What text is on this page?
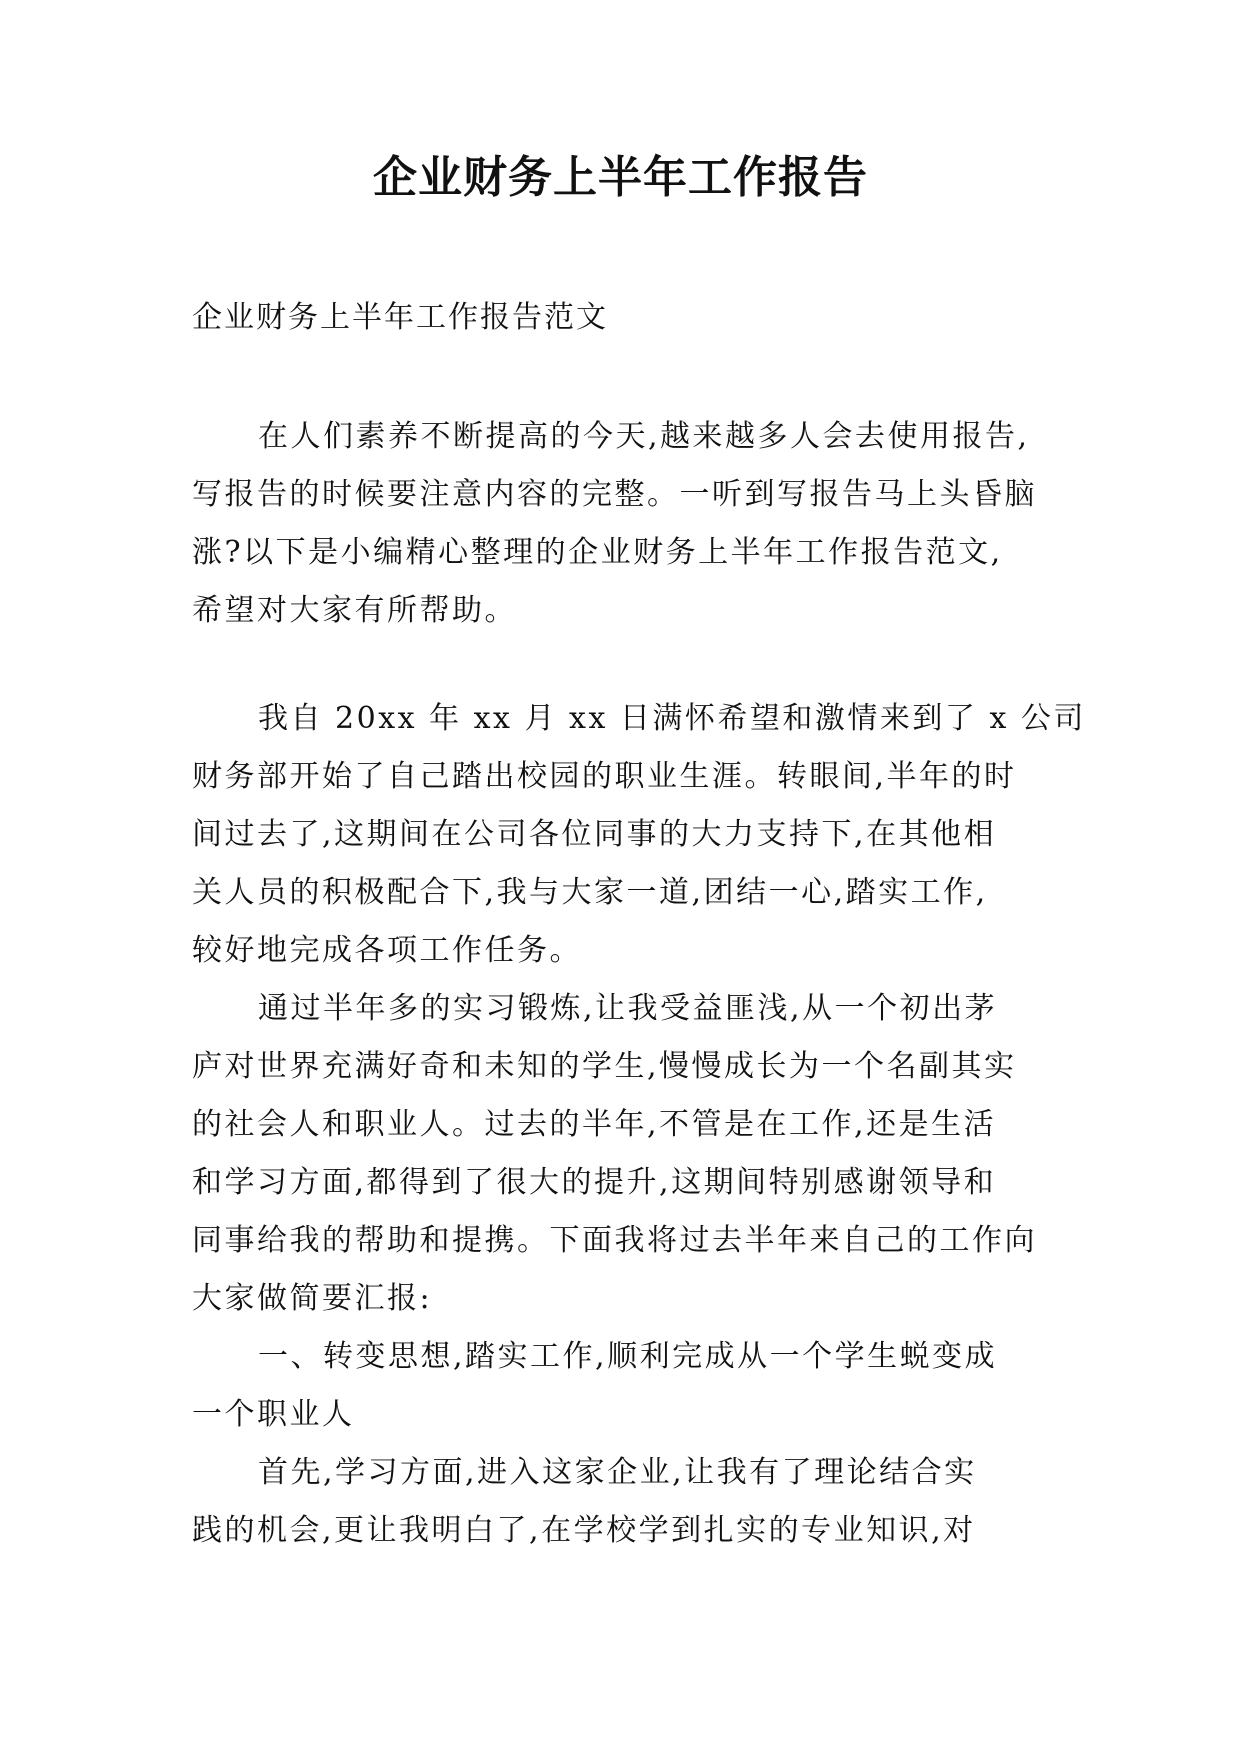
企业财务上半年工作报告

企业财务上半年工作报告范文

在人们素养不断提高的今天,越来越多人会去使用报告,
写报告的时候要注意内容的完整。一听到写报告马上头昏脑
涨?以下是小编精心整理的企业财务上半年工作报告范文,
希望对大家有所帮助。
我自 20xx 年 xx 月 xx 日满怀希望和激情来到了 x 公司
财务部开始了自己踏出校园的职业生涯。转眼间,半年的时
间过去了,这期间在公司各位同事的大力支持下,在其他相
关人员的积极配合下,我与大家一道,团结一心,踏实工作,
较好地完成各项工作任务。
通过半年多的实习锻炼,让我受益匪浅,从一个初出茅
庐对世界充满好奇和未知的学生,慢慢成长为一个名副其实
的社会人和职业人。过去的半年,不管是在工作,还是生活
和学习方面,都得到了很大的提升,这期间特别感谢领导和
同事给我的帮助和提携。下面我将过去半年来自己的工作向
大家做简要汇报:
一、转变思想,踏实工作,顺利完成从一个学生蜕变成
一个职业人
首先,学习方面,进入这家企业,让我有了理论结合实
践的机会,更让我明白了,在学校学到扎实的专业知识,对
